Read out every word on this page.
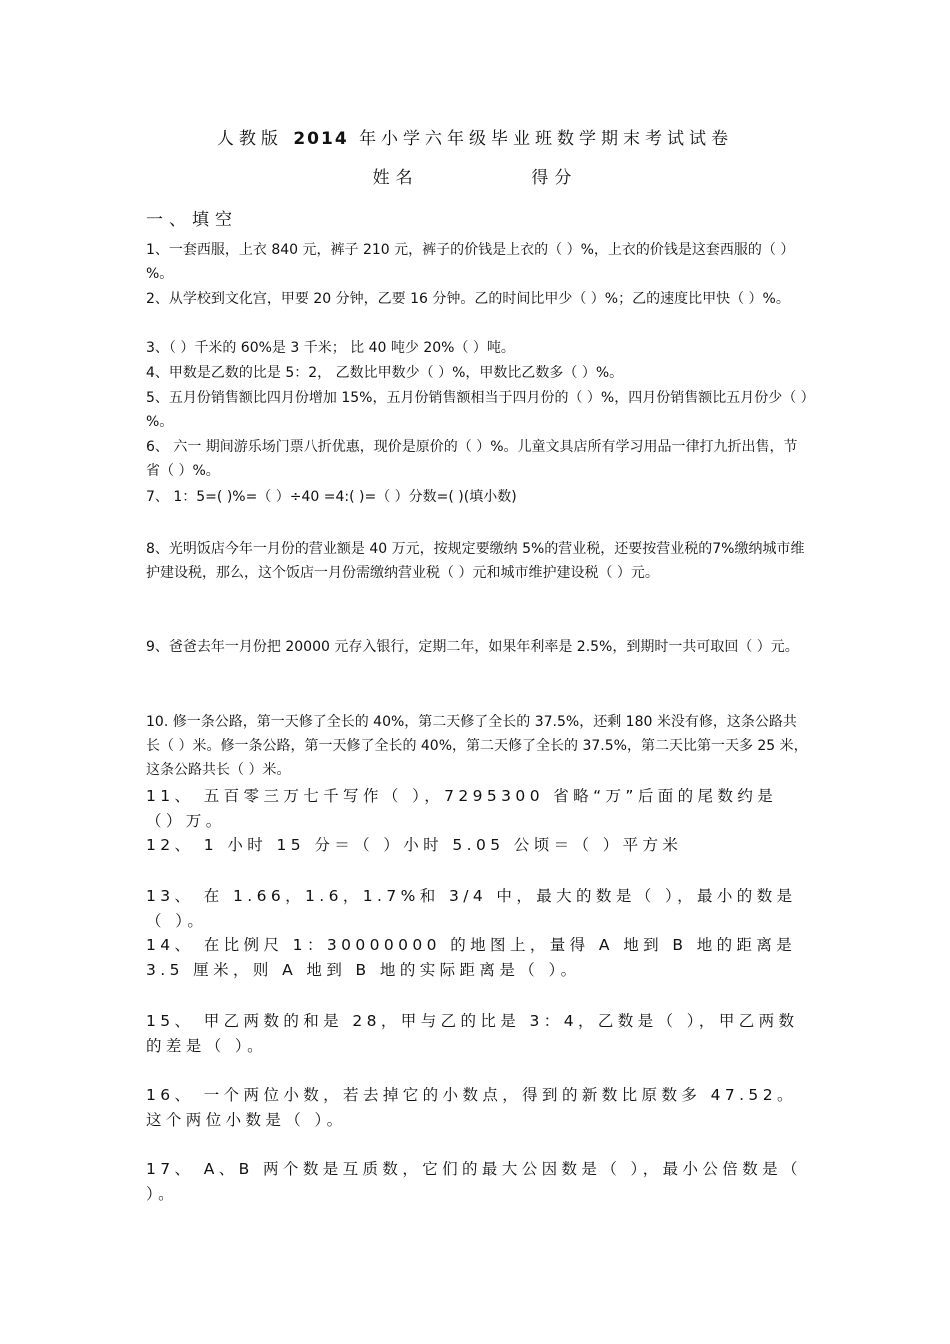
人教版 2014 年小学六年级毕业班数学期末考试试卷
姓名	得分
一、填空
1、一套西服，上衣 840 元，裤子 210 元，裤子的价钱是上衣的（ ）%，上衣的价钱是这套西服的（ ）%。
2、从学校到文化宫，甲要 20 分钟，乙要 16 分钟。乙的时间比甲少（ ）%；乙的速度比甲快（ ）%。
3、（ ）千米的 60%是 3 千米； 比 40 吨少 20%（ ）吨。
4、甲数是乙数的比是 5：2， 乙数比甲数少（ ）%，甲数比乙数多（ ）%。
5、五月份销售额比四月份增加 15%，五月份销售额相当于四月份的（ ）%，四月份销售额比五月份少（ ）%。
6、 六一 期间游乐场门票八折优惠，现价是原价的（ ）%。儿童文具店所有学习用品一律打九折出售，节省（ ）%。
7、 1：5=( )%=（ ）÷40 =4:( )=（ ）分数=( )(填小数)
8、光明饭店今年一月份的营业额是 40 万元，按规定要缴纳 5%的营业税，还要按营业税的7%缴纳城市维护建设税，那么，这个饭店一月份需缴纳营业税（ ）元和城市维护建设税（ ）元。
9、爸爸去年一月份把 20000 元存入银行，定期二年，如果年利率是 2.5%，到期时一共可取回（ ）元。
10. 修一条公路，第一天修了全长的 40%，第二天修了全长的 37.5%，还剩 180 米没有修，这条公路共长（ ）米。修一条公路，第一天修了全长的 40%，第二天修了全长的 37.5%，第二天比第一天多 25 米，这条公路共长（ ）米。
11、 五百零三万七千写作（ ），7295300 省略“万”后面的尾数约是（）万。
12、 1 小时 15 分＝（ ）小时 5.05 公顷＝（ ）平方米
13、 在 1.66，1.6，1.7%和 3/4 中，最大的数是（ ），最小的数是（ ）。
14、 在比例尺 1：30000000 的地图上，量得 A 地到 B 地的距离是 3.5 厘米，则 A 地到 B 地的实际距离是（ ）。
15、 甲乙两数的和是 28，甲与乙的比是 3：4，乙数是（ ），甲乙两数的差是（ ）。
16、 一个两位小数，若去掉它的小数点，得到的新数比原数多 47.52。这个两位小数是（ ）。
17、 A、B 两个数是互质数，它们的最大公因数是（ ），最小公倍数是（ ）。
